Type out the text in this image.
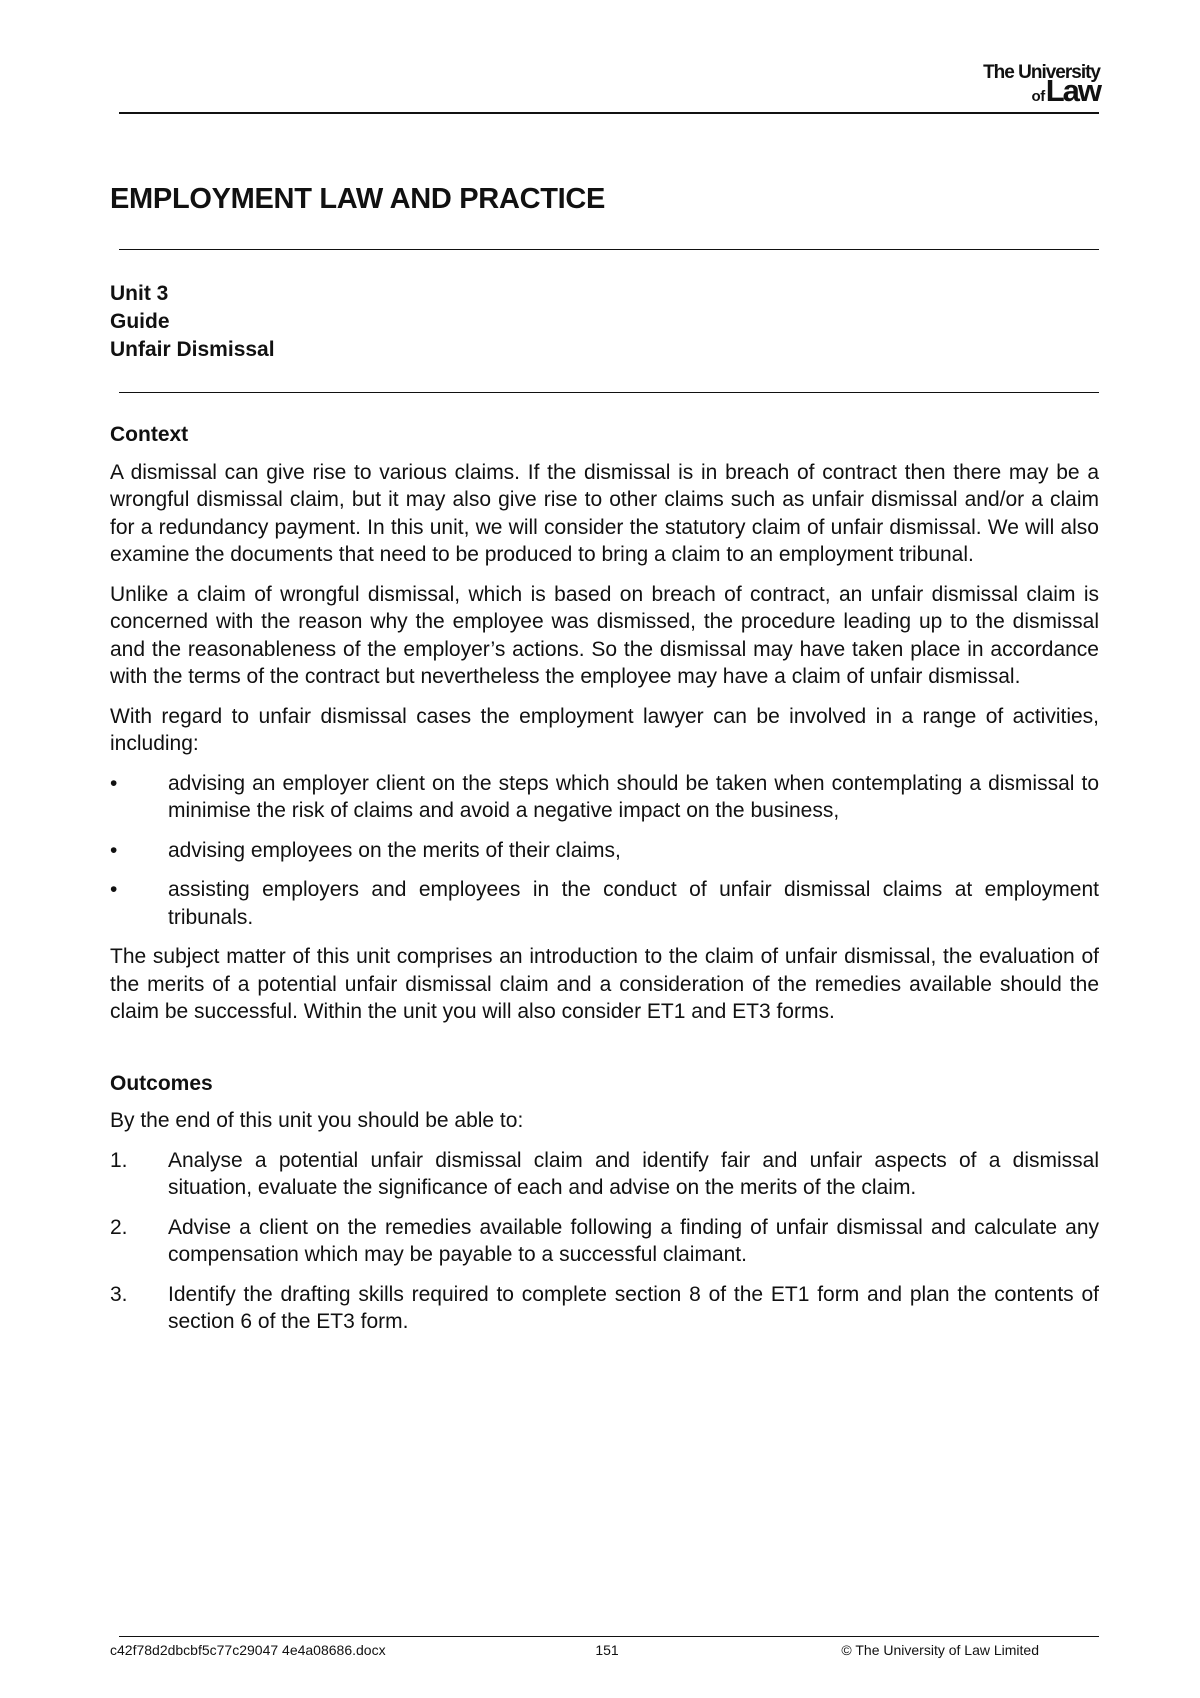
The University
of Law
EMPLOYMENT LAW AND PRACTICE
Unit 3
Guide
Unfair Dismissal
Context

A dismissal can give rise to various claims. If the dismissal is in breach of contract then there may be a wrongful dismissal claim, but it may also give rise to other claims such as unfair dismissal and/or a claim for a redundancy payment. In this unit, we will consider the statutory claim of unfair dismissal. We will also examine the documents that need to be produced to bring a claim to an employment tribunal.

Unlike a claim of wrongful dismissal, which is based on breach of contract, an unfair dismissal claim is concerned with the reason why the employee was dismissed, the procedure leading up to the dismissal and the reasonableness of the employer’s actions. So the dismissal may have taken place in accordance with the terms of the contract but nevertheless the employee may have a claim of unfair dismissal.

With regard to unfair dismissal cases the employment lawyer can be involved in a range of activities, including:

•	advising an employer client on the steps which should be taken when contemplating a dismissal to minimise the risk of claims and avoid a negative impact on the business,
•	advising employees on the merits of their claims,
•	assisting employers and employees in the conduct of unfair dismissal claims at employment tribunals.

The subject matter of this unit comprises an introduction to the claim of unfair dismissal, the evaluation of the merits of a potential unfair dismissal claim and a consideration of the remedies available should the claim be successful. Within the unit you will also consider ET1 and ET3 forms.

Outcomes

By the end of this unit you should be able to:

1.	Analyse a potential unfair dismissal claim and identify fair and unfair aspects of a dismissal situation, evaluate the significance of each and advise on the merits of the claim.
2.	Advise a client on the remedies available following a finding of unfair dismissal and calculate any compensation which may be payable to a successful claimant.
3.	Identify the drafting skills required to complete section 8 of the ET1 form and plan the contents of section 6 of the ET3 form.
c42f78d2dbcbf5c77c29047 4e4a08686.docx	151	© The University of Law Limited
